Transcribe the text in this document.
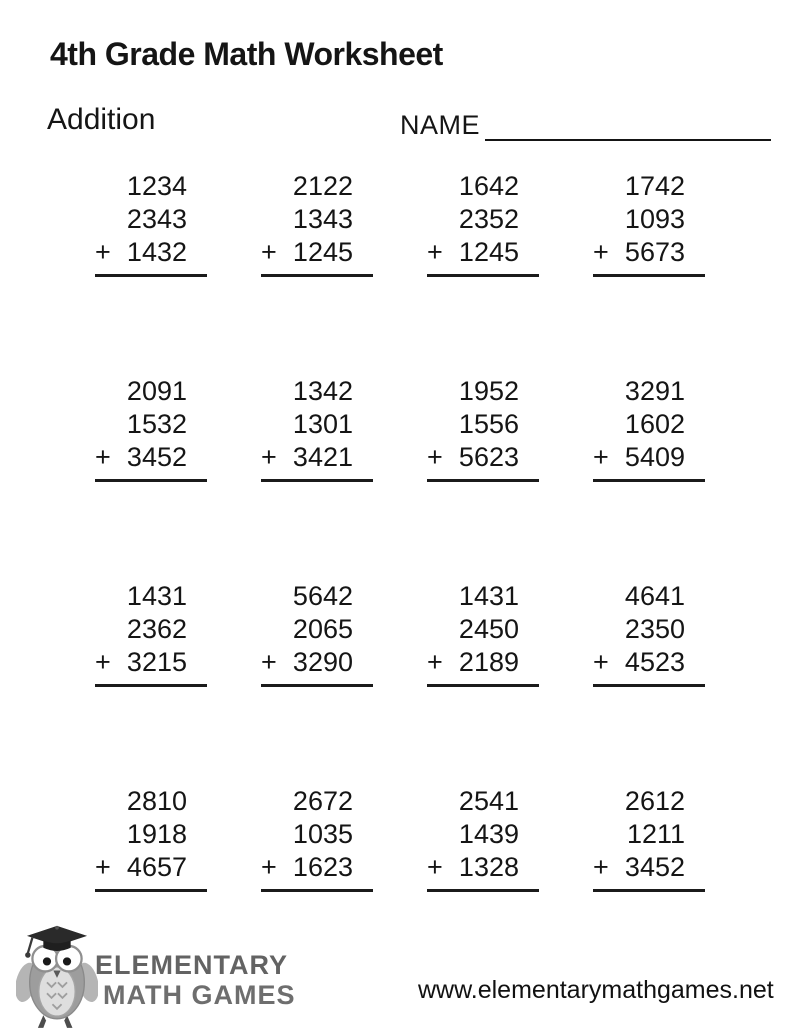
4th Grade Math Worksheet
Addition	NAME
1234
2343
+ 1432
2122
1343
+ 1245
1642
2352
+ 1245
1742
1093
+ 5673
2091
1532
+ 3452
1342
1301
+ 3421
1952
1556
+ 5623
3291
1602
+ 5409
1431
2362
+ 3215
5642
2065
+ 3290
1431
2450
+ 2189
4641
2350
+ 4523
2810
1918
+ 4657
2672
1035
+ 1623
2541
1439
+ 1328
2612
1211
+ 3452
ELEMENTARY
MATH GAMES	www.elementarymathgames.net
